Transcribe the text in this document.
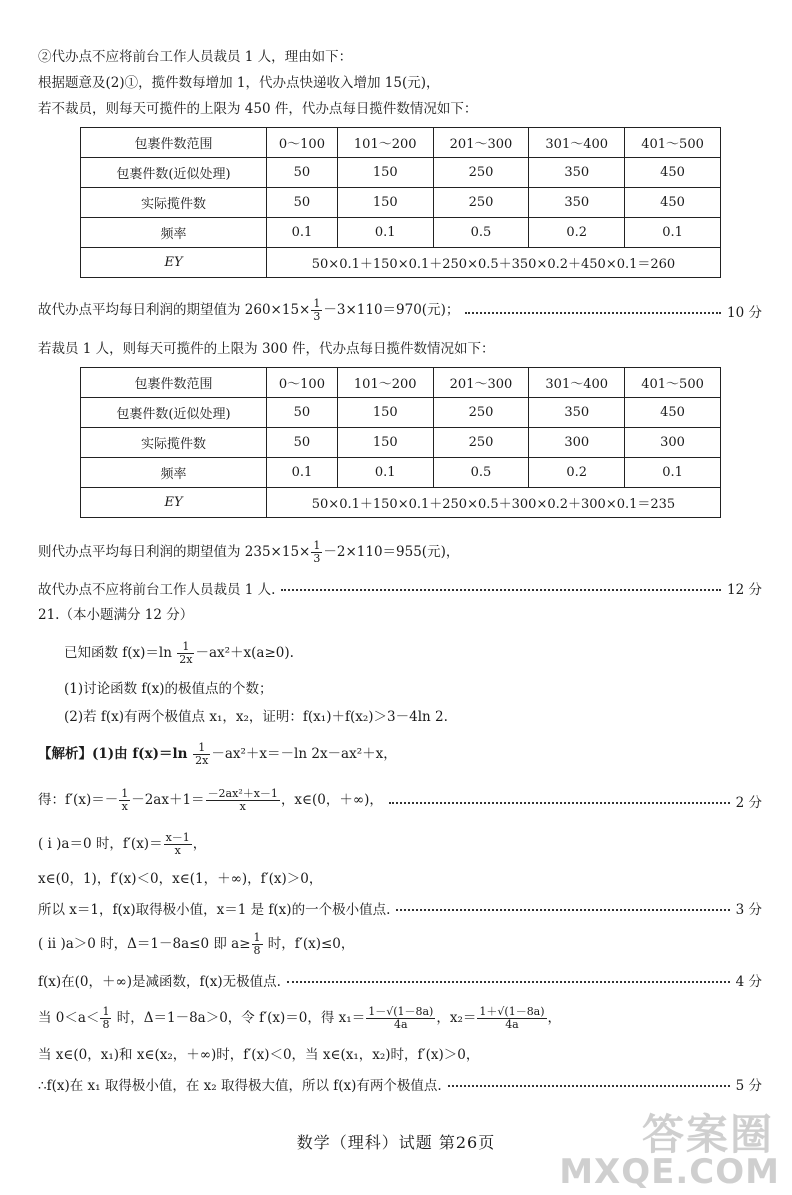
②代办点不应将前台工作人员裁员 1 人，理由如下：
根据题意及(2)①，揽件数每增加 1，代办点快递收入增加 15(元)，
若不裁员，则每天可揽件的上限为 450 件，代办点每日揽件数情况如下：
包裹件数范围	0～100	101～200	201～300	301～400	401～500
包裹件数(近似处理)	50	150	250	350	450
实际揽件数	50	150	250	350	450
频率	0.1	0.1	0.5	0.2	0.1
EY	50×0.1＋150×0.1＋250×0.5＋350×0.2＋450×0.1＝260				
故代办点平均每日利润的期望值为 $260\times 15\times \frac{1}{3} -3\times 110=970$(元)；	10 分
若裁员 1 人，则每天可揽件的上限为 300 件，代办点每日揽件数情况如下：
包裹件数范围	0～100	101～200	201～300	301～400	401～500
包裹件数(近似处理)	50	150	250	350	450
实际揽件数	50	150	250	300	300
频率	0.1	0.1	0.5	0.2	0.1
EY	50×0.1＋150×0.1＋250×0.5＋300×0.2＋300×0.1＝235				
则代办点平均每日利润的期望值为 $235\times 15\times \frac{1}{3} -2\times 110=955$(元)，
故代办点不应将前台工作人员裁员 1 人.	12 分
21.（本小题满分 12 分）
已知函数 $f(x)=\ln \frac{1}{2x} -ax^2+x(a\ge 0)$.
(1)讨论函数 f(x)的极值点的个数；
(2)若 f(x)有两个极值点 x₁，x₂，证明：f(x₁)＋f(x₂)＞3－4ln 2.
【解析】(1)由 $f(x)=\ln \frac{1}{2x} -ax^2+x=-\ln$ 2x－ax²＋x，
得：$f'(x)=- \frac{1}{x} -2ax+1= \frac{\text{－2ax²＋x－1}}{x}$ ，x∈(0，＋∞)，	2 分
( ⅰ )a＝0 时，$f'(x)= \frac{x-1}{x}$ ，
x∈(0，1)，f′(x)＜0，x∈(1，＋∞)，f′(x)＞0，
所以 x＝1，f(x)取得极小值，x＝1 是 f(x)的一个极小值点.	3 分
( ⅱ )a＞0 时，Δ＝1－8a≤0 即 $a\ge \frac{1}{8}$ 时，f′(x)≤0，
f(x)在(0，＋∞)是减函数，f(x)无极值点.	4 分
当 $0<a< \frac{1}{8}$ 时，Δ＝1－8a＞0，令 f′(x)＝0，得 $x_1= \frac{1-√(1-8a)}{4a}$ ，$x_2= \frac{1+√(1-8a)}{4a}$ ，
当 x∈(0，x₁)和 x∈(x₂，＋∞)时，f′(x)＜0，当 x∈(x₁，x₂)时，f′(x)＞0，
∴f(x)在 x₁ 取得极小值，在 x₂ 取得极大值，所以 f(x)有两个极值点.	5 分
数学（理科）试题 第26页	答案圈
MXQE.COM
